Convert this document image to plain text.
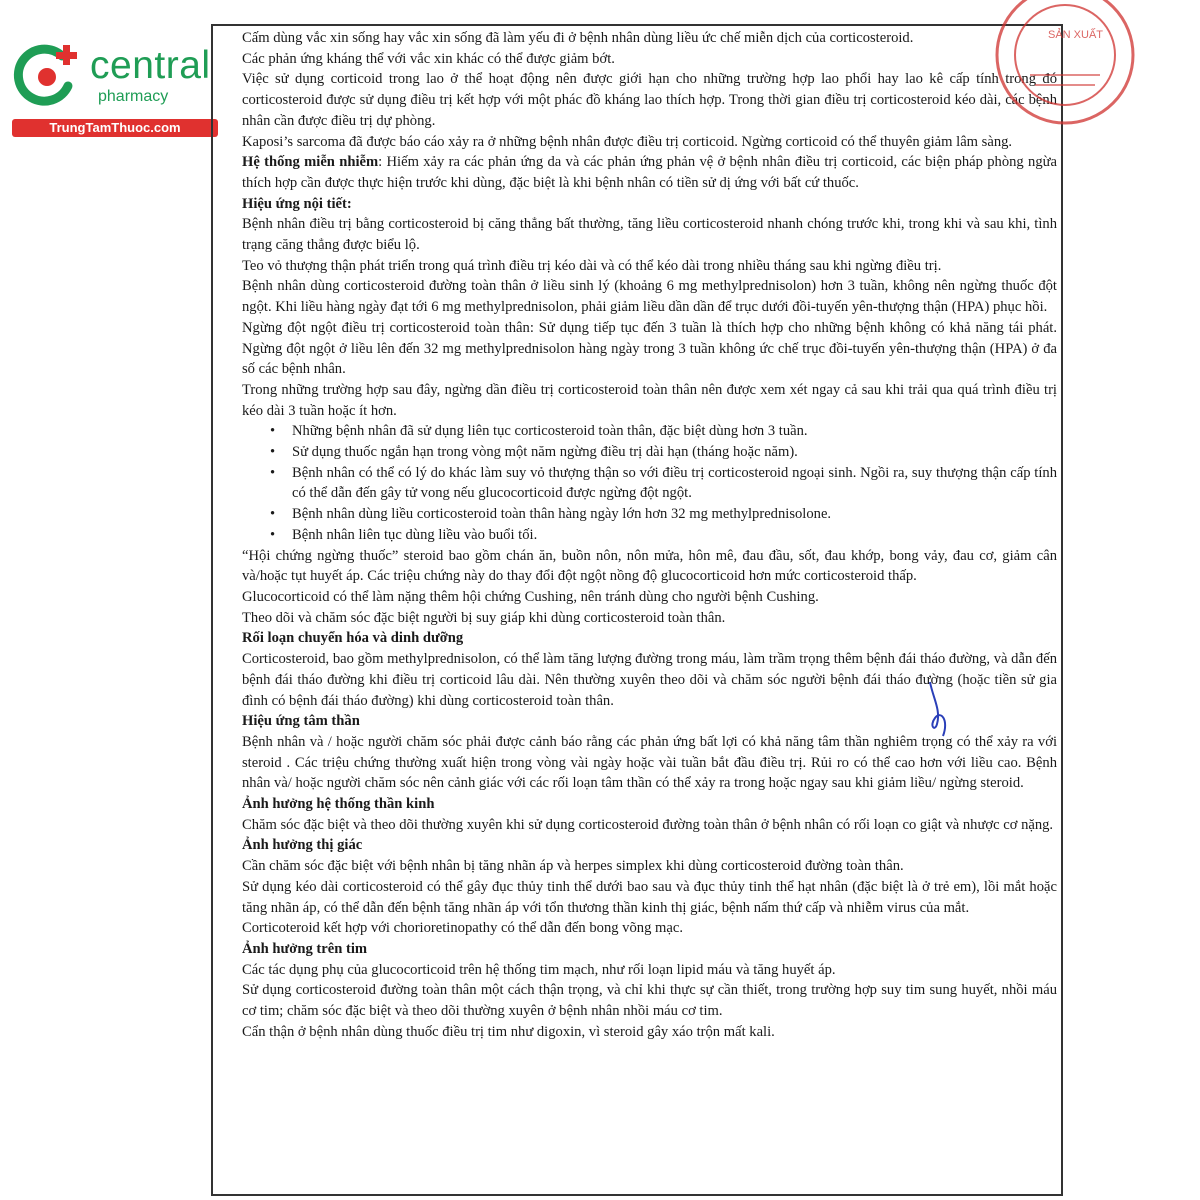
central
pharmacy
TrungTamThuoc.com

Cấm dùng vắc xin sống hay vắc xin sống đã làm yếu đi ở bệnh nhân dùng liều ức chế miễn dịch của corticosteroid.

Các phản ứng kháng thể với vắc xin khác có thể được giảm bớt.

Việc sử dụng corticoid trong lao ở thể hoạt động nên được giới hạn cho những trường hợp lao phổi hay lao kê cấp tính trong đó corticosteroid được sử dụng điều trị kết hợp với một phác đồ kháng lao thích hợp. Trong thời gian điều trị corticosteroid kéo dài, các bệnh nhân cần được điều trị dự phòng.

Kaposi’s sarcoma đã được báo cáo xảy ra ở những bệnh nhân được điều trị corticoid. Ngừng corticoid có thể thuyên giảm lâm sàng.

Hệ thống miễn nhiễm: Hiếm xảy ra các phản ứng da và các phản ứng phản vệ ở bệnh nhân điều trị corticoid, các biện pháp phòng ngừa thích hợp cần được thực hiện trước khi dùng, đặc biệt là khi bệnh nhân có tiền sử dị ứng với bất cứ thuốc.

Hiệu ứng nội tiết:

Bệnh nhân điều trị bằng corticosteroid bị căng thẳng bất thường, tăng liều corticosteroid nhanh chóng trước khi, trong khi và sau khi, tình trạng căng thẳng được biểu lộ.

Teo vỏ thượng thận phát triển trong quá trình điều trị kéo dài và có thể kéo dài trong nhiều tháng sau khi ngừng điều trị.

Bệnh nhân dùng corticosteroid đường toàn thân ở liều sinh lý (khoảng 6 mg methylprednisolon) hơn 3 tuần, không nên ngừng thuốc đột ngột. Khi liều hàng ngày đạt tới 6 mg methylprednisolon, phải giảm liều dần dần để trục dưới đồi-tuyến yên-thượng thận (HPA) phục hồi.

Ngừng đột ngột điều trị corticosteroid toàn thân: Sử dụng tiếp tục đến 3 tuần là thích hợp cho những bệnh không có khả năng tái phát. Ngừng đột ngột ở liều lên đến 32 mg methylprednisolon hàng ngày trong 3 tuần không ức chế trục đồi-tuyến yên-thượng thận (HPA) ở đa số các bệnh nhân.

Trong những trường hợp sau đây, ngừng dần điều trị corticosteroid toàn thân nên được xem xét ngay cả sau khi trải qua quá trình điều trị kéo dài 3 tuần hoặc ít hơn.

• Những bệnh nhân đã sử dụng liên tục corticosteroid toàn thân, đặc biệt dùng hơn 3 tuần.
• Sử dụng thuốc ngắn hạn trong vòng một năm ngừng điều trị dài hạn (tháng hoặc năm).
• Bệnh nhân có thể có lý do khác làm suy vỏ thượng thận so với điều trị corticosteroid ngoại sinh. Ngồi ra, suy thượng thận cấp tính có thể dẫn đến gây tử vong nếu glucocorticoid được ngừng đột ngột.
• Bệnh nhân dùng liều corticosteroid toàn thân hàng ngày lớn hơn 32 mg methylprednisolone.
• Bệnh nhân liên tục dùng liều vào buổi tối.

“Hội chứng ngừng thuốc” steroid bao gồm chán ăn, buồn nôn, nôn mửa, hôn mê, đau đầu, sốt, đau khớp, bong vảy, đau cơ, giảm cân và/hoặc tụt huyết áp. Các triệu chứng này do thay đổi đột ngột nồng độ glucocorticoid hơn mức corticosteroid thấp.

Glucocorticoid có thể làm nặng thêm hội chứng Cushing, nên tránh dùng cho người bệnh Cushing.

Theo dõi và chăm sóc đặc biệt người bị suy giáp khi dùng corticosteroid toàn thân.

Rối loạn chuyển hóa và dinh dưỡng

Corticosteroid, bao gồm methylprednisolon, có thể làm tăng lượng đường trong máu, làm trầm trọng thêm bệnh đái tháo đường, và dẫn đến bệnh đái tháo đường khi điều trị corticoid lâu dài. Nên thường xuyên theo dõi và chăm sóc người bệnh đái tháo đường (hoặc tiền sử gia đình có bệnh đái tháo đường) khi dùng corticosteroid toàn thân.

Hiệu ứng tâm thần

Bệnh nhân và / hoặc người chăm sóc phải được cảnh báo rằng các phản ứng bất lợi có khả năng tâm thần nghiêm trọng có thể xảy ra với steroid . Các triệu chứng thường xuất hiện trong vòng vài ngày hoặc vài tuần bắt đầu điều trị. Rủi ro có thể cao hơn với liều cao. Bệnh nhân và/ hoặc người chăm sóc nên cảnh giác với các rối loạn tâm thần có thể xảy ra trong hoặc ngay sau khi giảm liều/ ngừng steroid.

Ảnh hưởng hệ thống thần kinh

Chăm sóc đặc biệt và theo dõi thường xuyên khi sử dụng corticosteroid đường toàn thân ở bệnh nhân có rối loạn co giật và nhược cơ nặng.

Ảnh hưởng thị giác

Cần chăm sóc đặc biệt với bệnh nhân bị tăng nhãn áp và herpes simplex khi dùng corticosteroid đường toàn thân.

Sử dụng kéo dài corticosteroid có thể gây đục thủy tinh thể dưới bao sau và đục thủy tinh thể hạt nhân (đặc biệt là ở trẻ em), lồi mắt hoặc tăng nhãn áp, có thể dẫn đến bệnh tăng nhãn áp với tổn thương thần kinh thị giác, bệnh nấm thứ cấp và nhiễm virus của mắt.

Corticoteroid kết hợp với chorioretinopathy có thể dẫn đến bong võng mạc.

Ảnh hưởng trên tim

Các tác dụng phụ của glucocorticoid trên hệ thống tim mạch, như rối loạn lipid máu và tăng huyết áp.

Sử dụng corticosteroid đường toàn thân một cách thận trọng, và chỉ khi thực sự cần thiết, trong trường hợp suy tim sung huyết, nhồi máu cơ tim; chăm sóc đặc biệt và theo dõi thường xuyên ở bệnh nhân nhồi máu cơ tim.

Cẩn thận ở bệnh nhân dùng thuốc điều trị tim như digoxin, vì steroid gây xáo trộn mất kali.

SẢN XUẤT
